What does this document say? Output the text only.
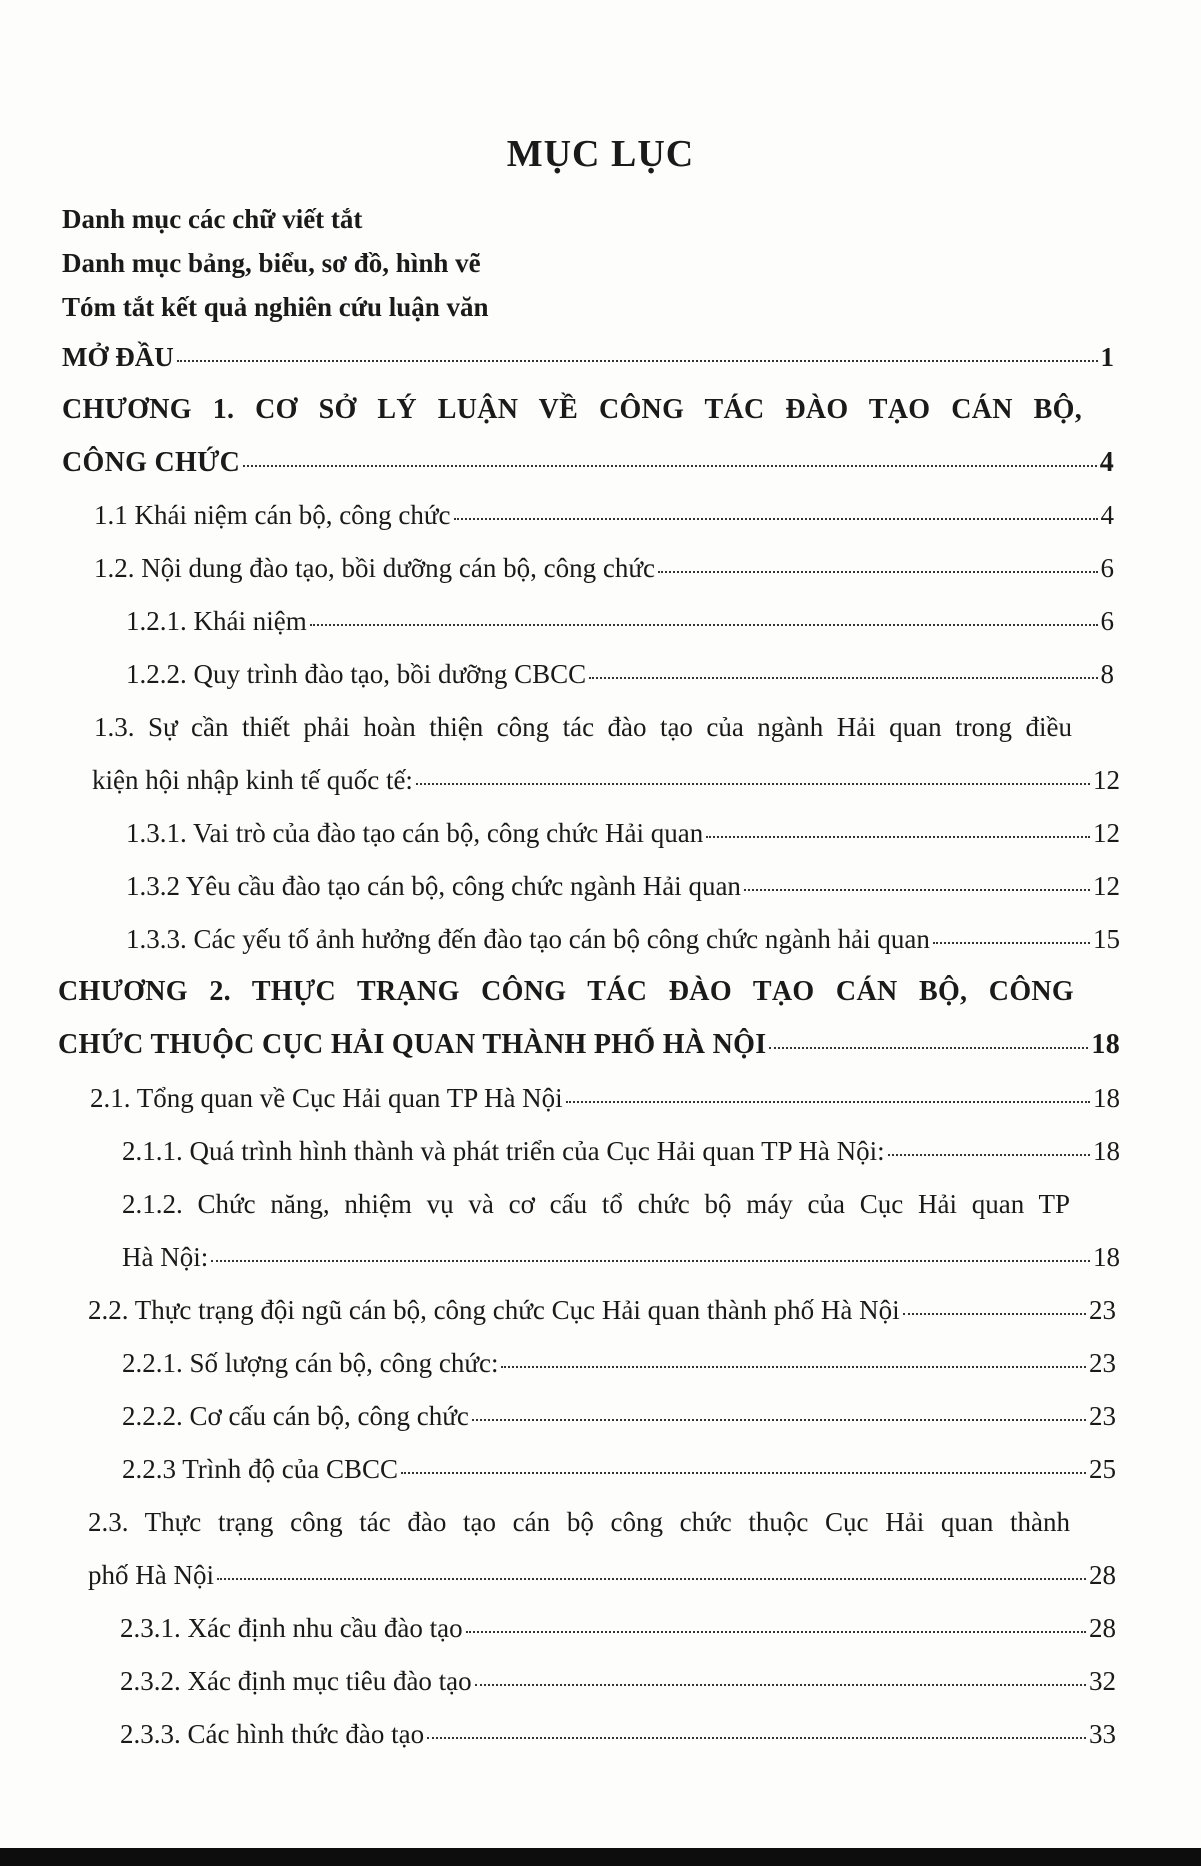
MỤC LỤC
Danh mục các chữ viết tắt
Danh mục bảng, biểu, sơ đồ, hình vẽ
Tóm tắt kết quả nghiên cứu luận văn
MỞ ĐẦU	1
CHƯƠNG 1. CƠ SỞ LÝ LUẬN VỀ CÔNG TÁC ĐÀO TẠO CÁN BỘ,
CÔNG CHỨC	4
1.1 Khái niệm cán bộ, công chức	4
1.2. Nội dung đào tạo, bồi dưỡng cán bộ, công chức	6
1.2.1. Khái niệm	6
1.2.2. Quy trình đào tạo, bồi dưỡng CBCC	8
1.3. Sự cần thiết phải hoàn thiện công tác đào tạo của ngành Hải quan trong điều
kiện hội nhập kinh tế quốc tế:	12
1.3.1. Vai trò của đào tạo cán bộ, công chức Hải quan	12
1.3.2 Yêu cầu đào tạo cán bộ, công chức ngành Hải quan	12
1.3.3. Các yếu tố ảnh hưởng đến đào tạo cán bộ công chức ngành hải quan	15
CHƯƠNG 2. THỰC TRẠNG CÔNG TÁC ĐÀO TẠO CÁN BỘ, CÔNG
CHỨC THUỘC CỤC HẢI QUAN THÀNH PHỐ HÀ NỘI	18
2.1. Tổng quan về Cục Hải quan TP Hà Nội	18
2.1.1. Quá trình hình thành và phát triển của Cục Hải quan TP Hà Nội:	18
2.1.2. Chức năng, nhiệm vụ và cơ cấu tổ chức bộ máy của Cục Hải quan TP
Hà Nội:	18
2.2. Thực trạng đội ngũ cán bộ, công chức Cục Hải quan thành phố Hà Nội	23
2.2.1. Số lượng cán bộ, công chức:	23
2.2.2. Cơ cấu cán bộ, công chức	23
2.2.3 Trình độ của CBCC	25
2.3. Thực trạng công tác đào tạo cán bộ công chức thuộc Cục Hải quan thành
phố Hà Nội	28
2.3.1. Xác định nhu cầu đào tạo	28
2.3.2. Xác định mục tiêu đào tạo	32
2.3.3. Các hình thức đào tạo	33
